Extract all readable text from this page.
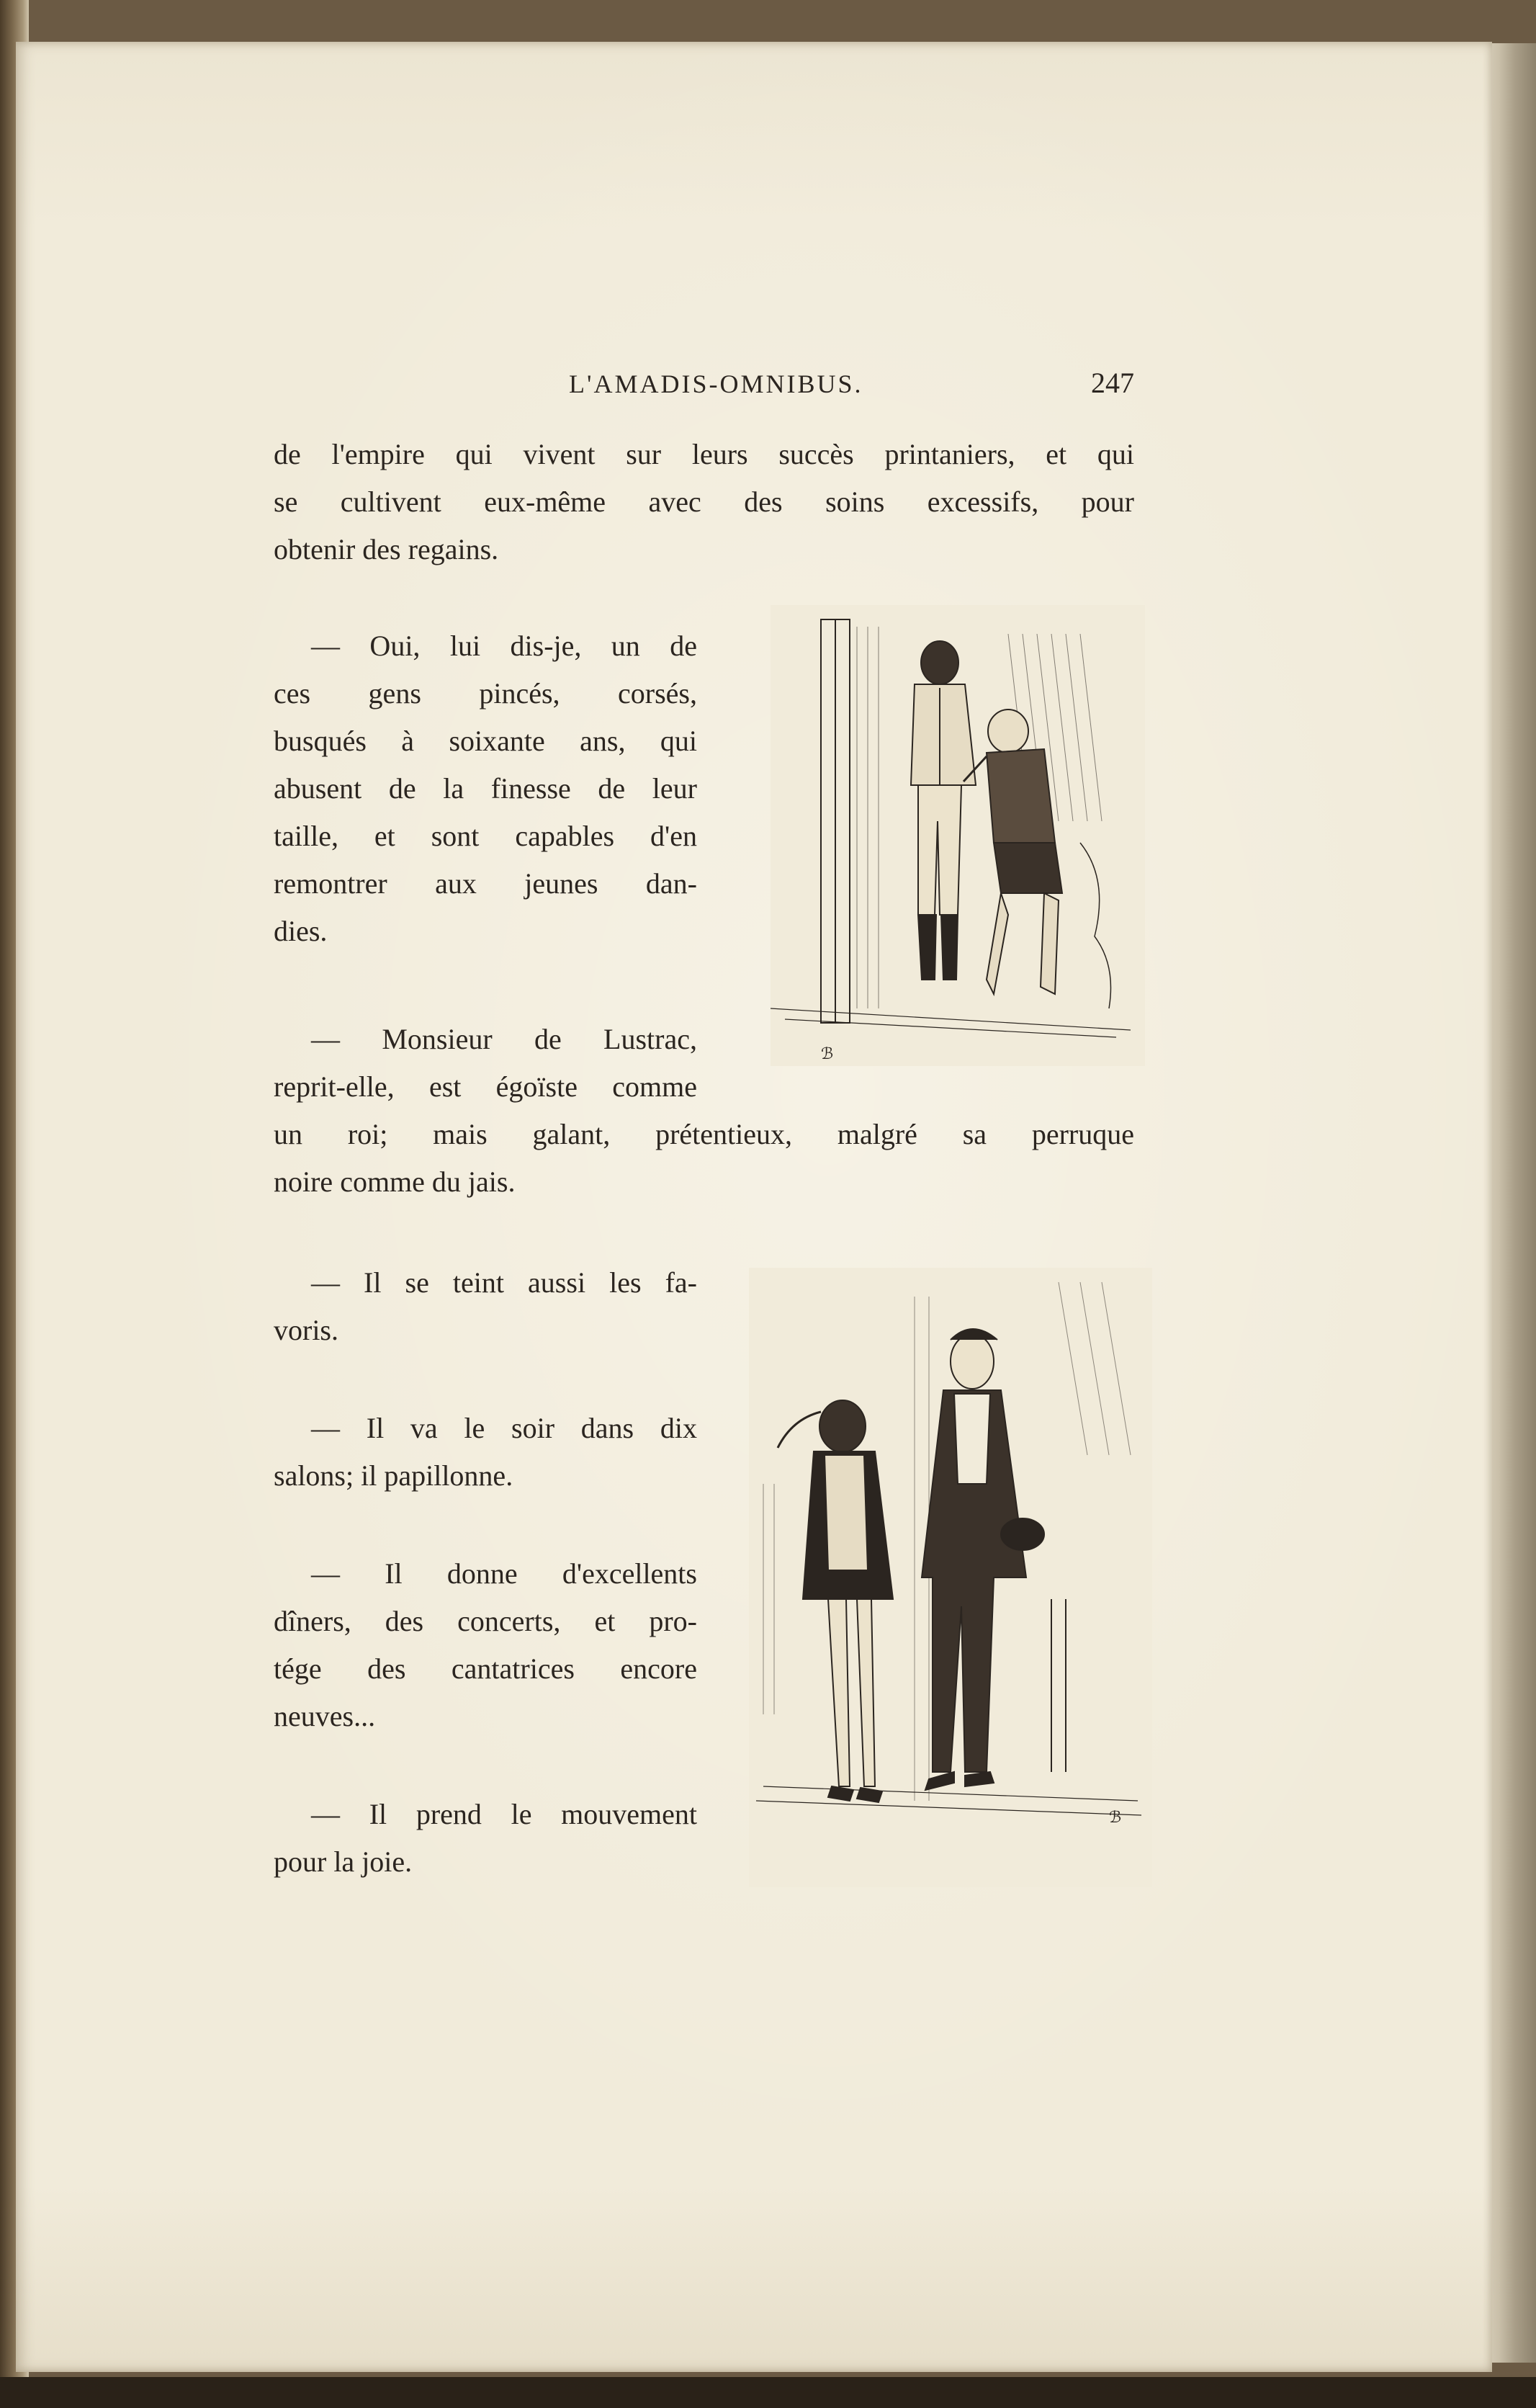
L'AMADIS-OMNIBUS.	247
de l'empire qui vivent sur leurs succès printaniers, et qui
se cultivent eux-même avec des soins excessifs, pour
obtenir des regains.
— Oui, lui dis-je, un de
ces gens pincés, corsés,
busqués à soixante ans, qui
abusent de la finesse de leur
taille, et sont capables d'en
remontrer aux jeunes dan-
dies.
— Monsieur de Lustrac,
reprit-elle, est égoïste comme
un roi; mais galant, prétentieux, malgré sa perruque
noire comme du jais.
— Il se teint aussi les fa-
voris.
— Il va le soir dans dix
salons; il papillonne.
— Il donne d'excellents
dîners, des concerts, et pro-
tége des cantatrices encore
neuves...
— Il prend le mouvement
pour la joie.
ℬ
ℬ
